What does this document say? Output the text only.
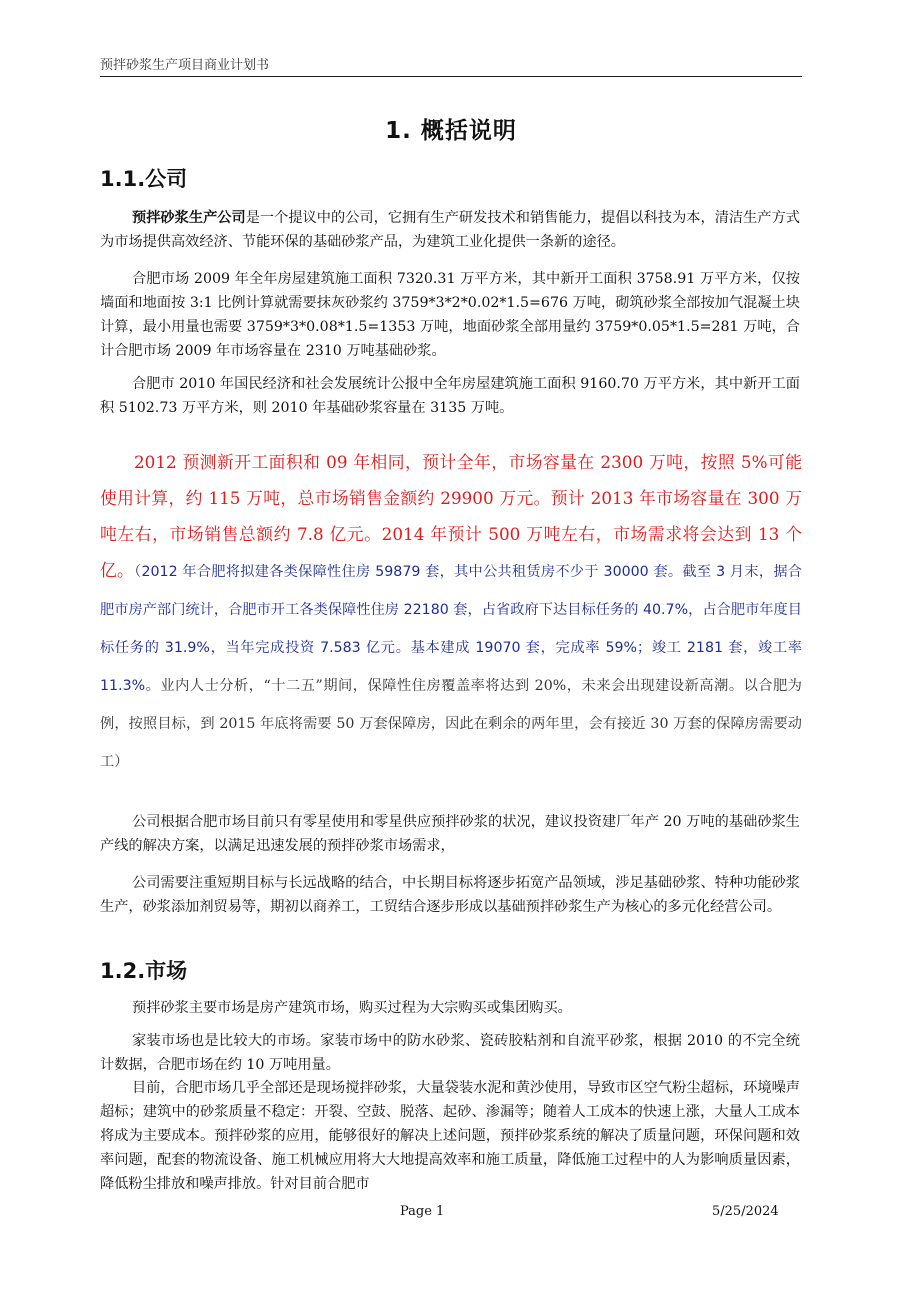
预拌砂浆生产项目商业计划书
1. 概括说明
1.1.公司

预拌砂浆生产公司是一个提议中的公司，它拥有生产研发技术和销售能力，提倡以科技为本，清洁生产方式为市场提供高效经济、节能环保的基础砂浆产品，为建筑工业化提供一条新的途径。

合肥市场 2009 年全年房屋建筑施工面积 7320.31 万平方米，其中新开工面积 3758.91 万平方米，仅按墙面和地面按 3:1 比例计算就需要抹灰砂浆约 3759*3*2*0.02*1.5=676 万吨，砌筑砂浆全部按加气混凝土块计算，最小用量也需要 3759*3*0.08*1.5=1353 万吨，地面砂浆全部用量约 3759*0.05*1.5=281 万吨，合计合肥市场 2009 年市场容量在 2310 万吨基础砂浆。

合肥市 2010 年国民经济和社会发展统计公报中全年房屋建筑施工面积 9160.70 万平方米，其中新开工面积 5102.73 万平方米，则 2010 年基础砂浆容量在 3135 万吨。

2012 预测新开工面积和 09 年相同，预计全年，市场容量在 2300 万吨，按照 5%可能使用计算，约 115 万吨，总市场销售金额约 29900 万元。预计 2013 年市场容量在 300 万吨左右，市场销售总额约 7.8 亿元。2014 年预计 500 万吨左右，市场需求将会达到 13 个亿。（2012 年合肥将拟建各类保障性住房 59879 套，其中公共租赁房不少于 30000 套。截至 3 月末，据合肥市房产部门统计，合肥市开工各类保障性住房 22180 套，占省政府下达目标任务的 40.7%，占合肥市年度目标任务的 31.9%，当年完成投资 7.583 亿元。基本建成 19070 套，完成率 59%；竣工 2181 套，竣工率 11.3%。业内人士分析，“十二五”期间，保障性住房覆盖率将达到 20%，未来会出现建设新高潮。以合肥为例，按照目标，到 2015 年底将需要 50 万套保障房，因此在剩余的两年里，会有接近 30 万套的保障房需要动工）

公司根据合肥市场目前只有零星使用和零星供应预拌砂浆的状况，建议投资建厂年产 20 万吨的基础砂浆生产线的解决方案，以满足迅速发展的预拌砂浆市场需求，

公司需要注重短期目标与长远战略的结合，中长期目标将逐步拓宽产品领域，涉足基础砂浆、特种功能砂浆生产，砂浆添加剂贸易等，期初以商养工，工贸结合逐步形成以基础预拌砂浆生产为核心的多元化经营公司。

1.2.市场

预拌砂浆主要市场是房产建筑市场，购买过程为大宗购买或集团购买。

家装市场也是比较大的市场。家装市场中的防水砂浆、瓷砖胶粘剂和自流平砂浆，根据 2010 的不完全统计数据，合肥市场在约 10 万吨用量。

目前，合肥市场几乎全部还是现场搅拌砂浆，大量袋装水泥和黄沙使用，导致市区空气粉尘超标，环境噪声超标；建筑中的砂浆质量不稳定：开裂、空鼓、脱落、起砂、渗漏等；随着人工成本的快速上涨，大量人工成本将成为主要成本。预拌砂浆的应用，能够很好的解决上述问题，预拌砂浆系统的解决了质量问题，环保问题和效率问题，配套的物流设备、施工机械应用将大大地提高效率和施工质量，降低施工过程中的人为影响质量因素，降低粉尘排放和噪声排放。针对目前合肥市

Page 1	5/25/2024
